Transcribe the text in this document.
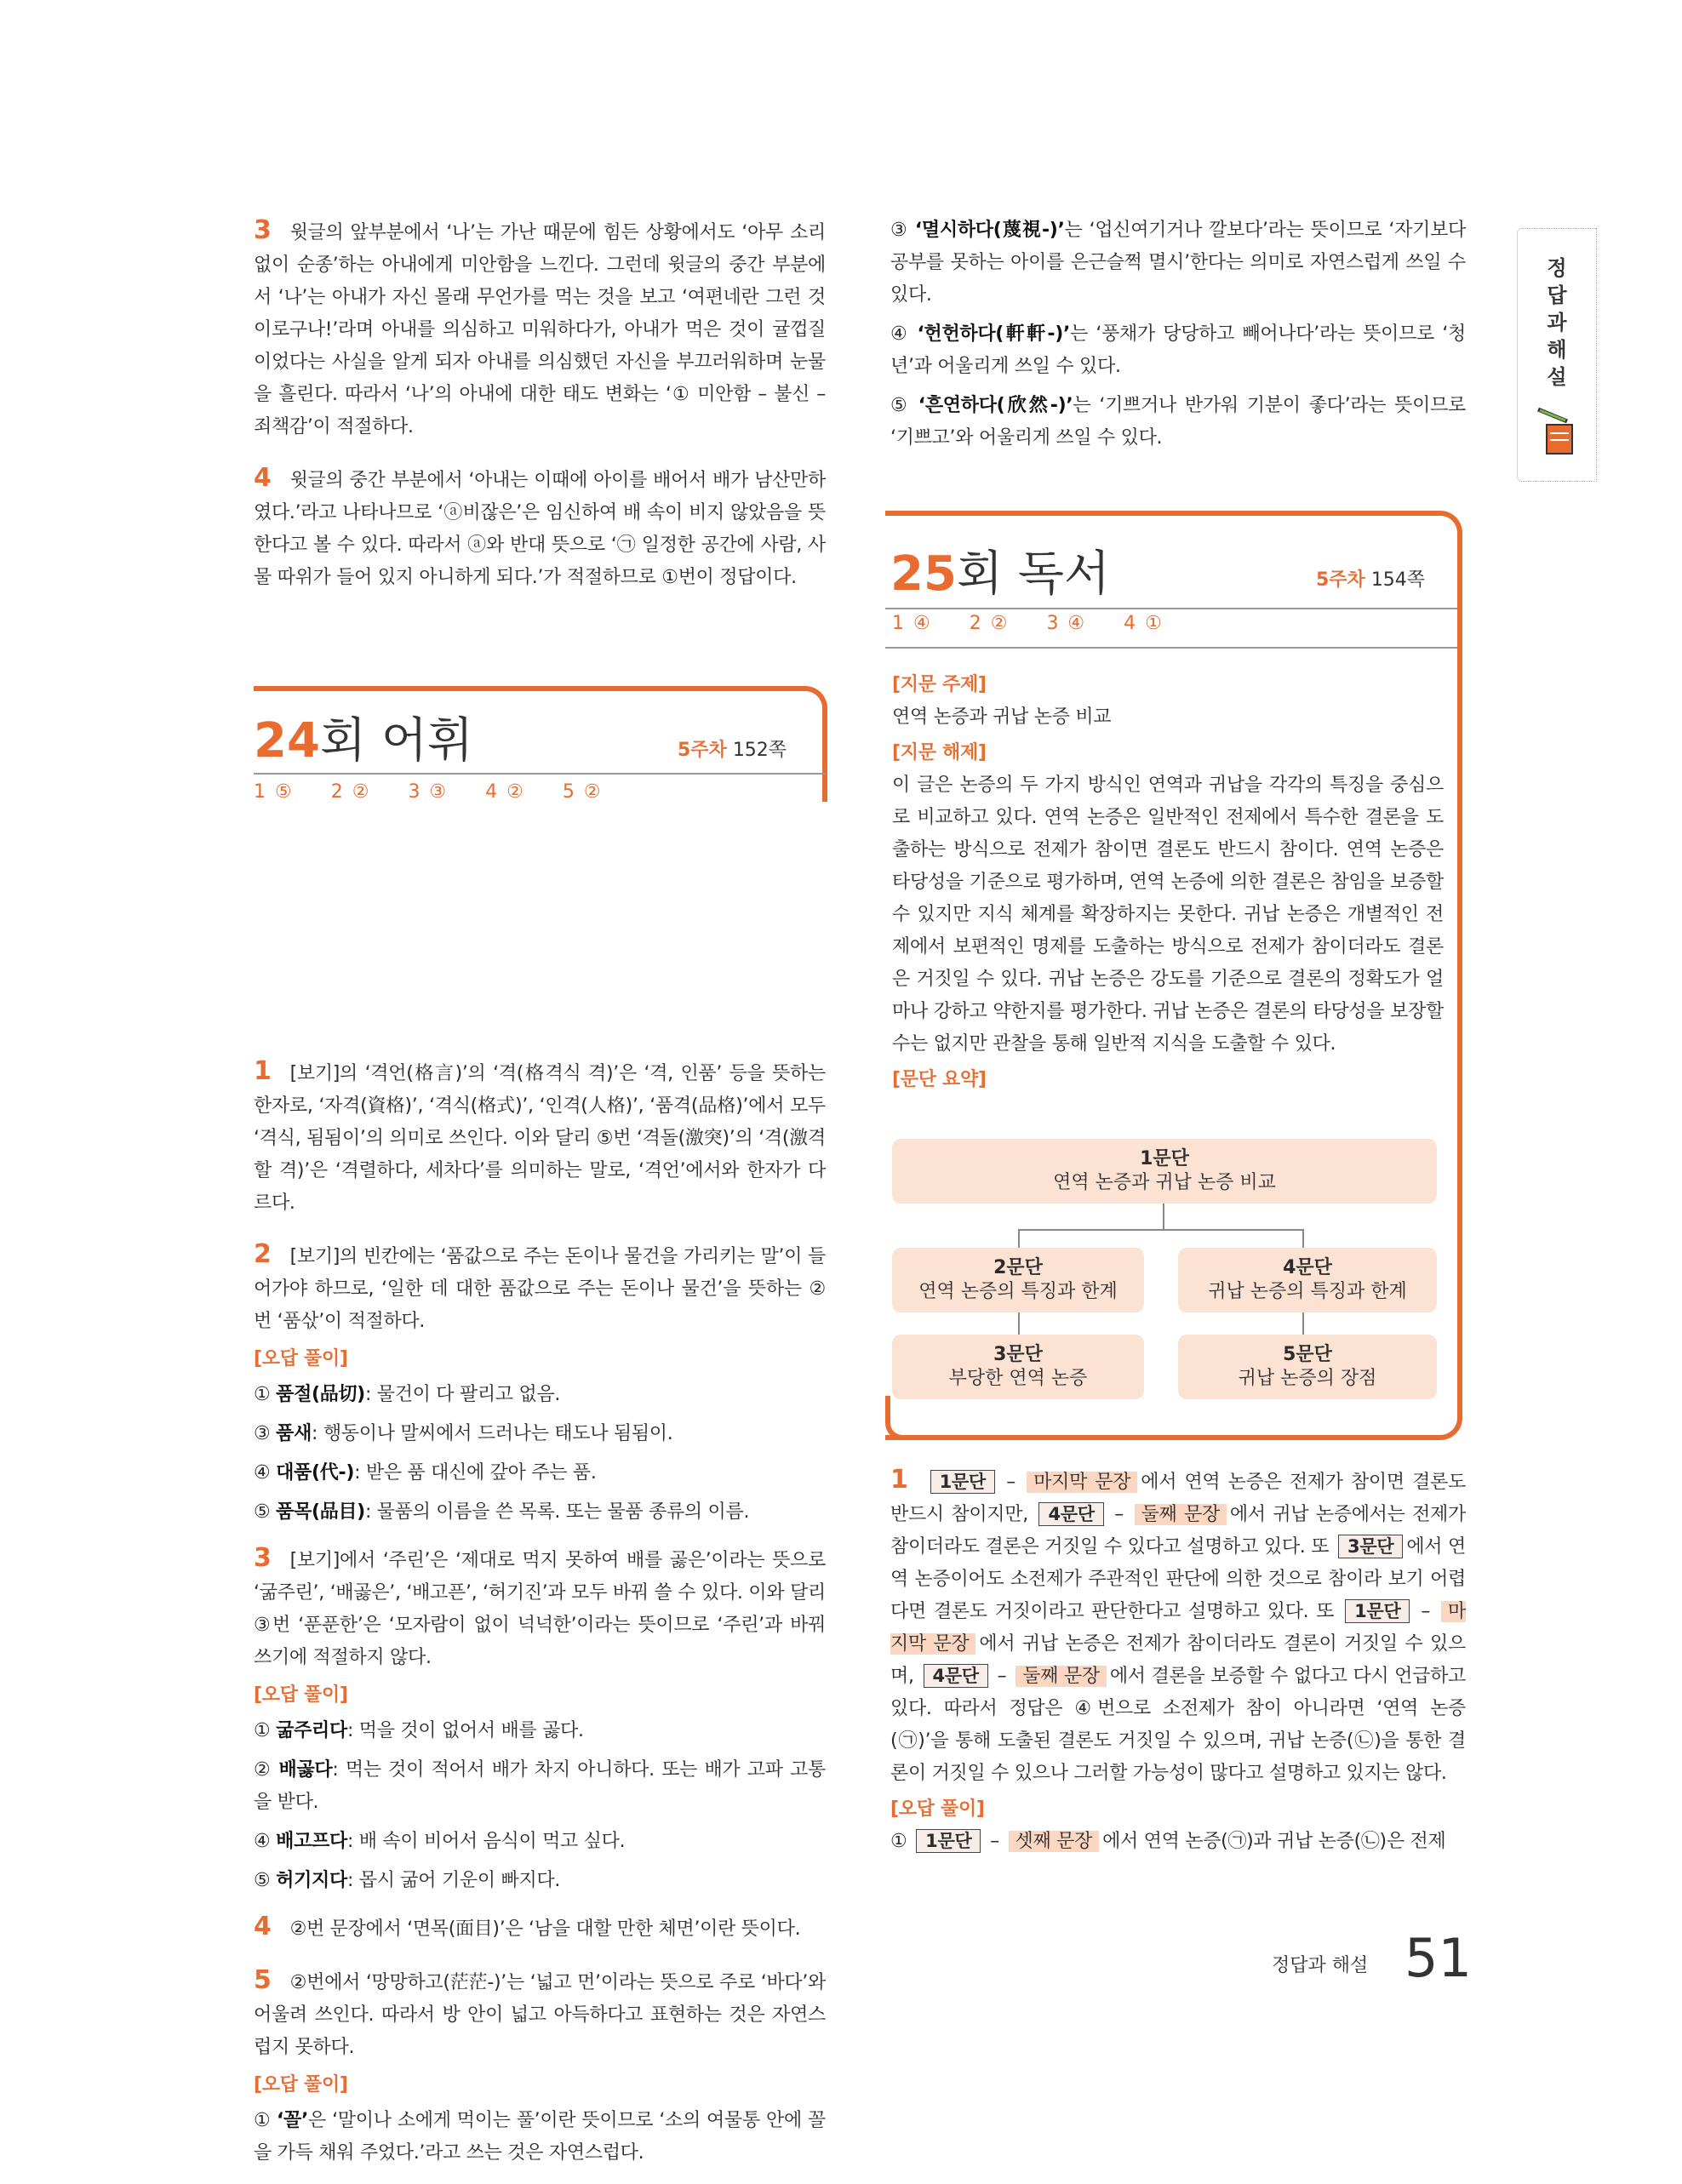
정
답
과
해
설

3 윗글의 앞부분에서 ‘나’는 가난 때문에 힘든 상황에서도 ‘아무 소리 없이 순종’하는 아내에게 미안함을 느낀다. 그런데 윗글의 중간 부분에서 ‘나’는 아내가 자신 몰래 무언가를 먹는 것을 보고 ‘여편네란 그런 것이로구나!’라며 아내를 의심하고 미워하다가, 아내가 먹은 것이 귤껍질이었다는 사실을 알게 되자 아내를 의심했던 자신을 부끄러워하며 눈물을 흘린다. 따라서 ‘나’의 아내에 대한 태도 변화는 ‘① 미안함 – 불신 – 죄책감’이 적절하다.

4 윗글의 중간 부분에서 ‘아내는 이때에 아이를 배어서 배가 남산만하였다.’라고 나타나므로 ‘ⓐ비잖은’은 임신하여 배 속이 비지 않았음을 뜻한다고 볼 수 있다. 따라서 ⓐ와 반대 뜻으로 ‘㉠ 일정한 공간에 사람, 사물 따위가 들어 있지 아니하게 되다.’가 적절하므로 ①번이 정답이다.

1 [보기]의 ‘격언(格言)’의 ‘격(格격식 격)’은 ‘격, 인품’ 등을 뜻하는 한자로, ‘자격(資格)’, ‘격식(格式)’, ‘인격(人格)’, ‘품격(品格)’에서 모두 ‘격식, 됨됨이’의 의미로 쓰인다. 이와 달리 ⑤번 ‘격돌(激突)’의 ‘격(激격할 격)’은 ‘격렬하다, 세차다’를 의미하는 말로, ‘격언’에서와 한자가 다르다.

2 [보기]의 빈칸에는 ‘품값으로 주는 돈이나 물건을 가리키는 말’이 들어가야 하므로, ‘일한 데 대한 품값으로 주는 돈이나 물건’을 뜻하는 ②번 ‘품삯’이 적절하다.

[오답 풀이]

① 품절(品切): 물건이 다 팔리고 없음.

③ 품새: 행동이나 말씨에서 드러나는 태도나 됨됨이.

④ 대품(代-): 받은 품 대신에 갚아 주는 품.

⑤ 품목(品目): 물품의 이름을 쓴 목록. 또는 물품 종류의 이름.

3 [보기]에서 ‘주린’은 ‘제대로 먹지 못하여 배를 곯은’이라는 뜻으로 ‘굶주린’, ‘배곯은’, ‘배고픈’, ‘허기진’과 모두 바꿔 쓸 수 있다. 이와 달리 ③번 ‘푼푼한’은 ‘모자람이 없이 넉넉한’이라는 뜻이므로 ‘주린’과 바꿔 쓰기에 적절하지 않다.

[오답 풀이]

① 굶주리다: 먹을 것이 없어서 배를 곯다.

② 배곯다: 먹는 것이 적어서 배가 차지 아니하다. 또는 배가 고파 고통을 받다.

④ 배고프다: 배 속이 비어서 음식이 먹고 싶다.

⑤ 허기지다: 몹시 굶어 기운이 빠지다.

4 ②번 문장에서 ‘면목(面目)’은 ‘남을 대할 만한 체면’이란 뜻이다.

5 ②번에서 ‘망망하고(茫茫-)’는 ‘넓고 먼’이라는 뜻으로 주로 ‘바다’와 어울려 쓰인다. 따라서 방 안이 넓고 아득하다고 표현하는 것은 자연스럽지 못하다.

[오답 풀이]

① ‘꼴’은 ‘말이나 소에게 먹이는 풀’이란 뜻이므로 ‘소의 여물통 안에 꼴을 가득 채워 주었다.’라고 쓰는 것은 자연스럽다.

24회 어휘	5주차 152쪽
1 ⑤ 2 ② 3 ③ 4 ② 5 ②

③ ‘멸시하다(蔑視-)’는 ‘업신여기거나 깔보다’라는 뜻이므로 ‘자기보다 공부를 못하는 아이를 은근슬쩍 멸시’한다는 의미로 자연스럽게 쓰일 수 있다.

④ ‘헌헌하다(軒軒-)’는 ‘풍채가 당당하고 빼어나다’라는 뜻이므로 ‘청년’과 어울리게 쓰일 수 있다.

⑤ ‘흔연하다(欣然-)’는 ‘기쁘거나 반가워 기분이 좋다’라는 뜻이므로 ‘기쁘고’와 어울리게 쓰일 수 있다.

25회 독서	5주차 154쪽
1 ④ 2 ② 3 ④ 4 ①

[지문 주제]

연역 논증과 귀납 논증 비교

[지문 해제]

이 글은 논증의 두 가지 방식인 연역과 귀납을 각각의 특징을 중심으로 비교하고 있다. 연역 논증은 일반적인 전제에서 특수한 결론을 도출하는 방식으로 전제가 참이면 결론도 반드시 참이다. 연역 논증은 타당성을 기준으로 평가하며, 연역 논증에 의한 결론은 참임을 보증할 수 있지만 지식 체계를 확장하지는 못한다. 귀납 논증은 개별적인 전제에서 보편적인 명제를 도출하는 방식으로 전제가 참이더라도 결론은 거짓일 수 있다. 귀납 논증은 강도를 기준으로 결론의 정확도가 얼마나 강하고 약한지를 평가한다. 귀납 논증은 결론의 타당성을 보장할 수는 없지만 관찰을 통해 일반적 지식을 도출할 수 있다.

[문단 요약]

1문단
연역 논증과 귀납 논증 비교
2문단
연역 논증의 특징과 한계
4문단
귀납 논증의 특징과 한계
3문단
부당한 연역 논증
5문단
귀납 논증의 장점

1 1문단 – 마지막 문장 에서 연역 논증은 전제가 참이면 결론도 반드시 참이지만, 4문단 – 둘째 문장 에서 귀납 논증에서는 전제가 참이더라도 결론은 거짓일 수 있다고 설명하고 있다. 또 3문단 에서 연역 논증이어도 소전제가 주관적인 판단에 의한 것으로 참이라 보기 어렵다면 결론도 거짓이라고 판단한다고 설명하고 있다. 또 1문단 – 마지막 문장 에서 귀납 논증은 전제가 참이더라도 결론이 거짓일 수 있으며, 4문단 – 둘째 문장 에서 결론을 보증할 수 없다고 다시 언급하고 있다. 따라서 정답은 ④번으로 소전제가 참이 아니라면 ‘연역 논증(㉠)’을 통해 도출된 결론도 거짓일 수 있으며, 귀납 논증(㉡)을 통한 결론이 거짓일 수 있으나 그러할 가능성이 많다고 설명하고 있지는 않다.

[오답 풀이]

① 1문단 – 셋째 문장 에서 연역 논증(㉠)과 귀납 논증(㉡)은 전제

정답과 해설 51
